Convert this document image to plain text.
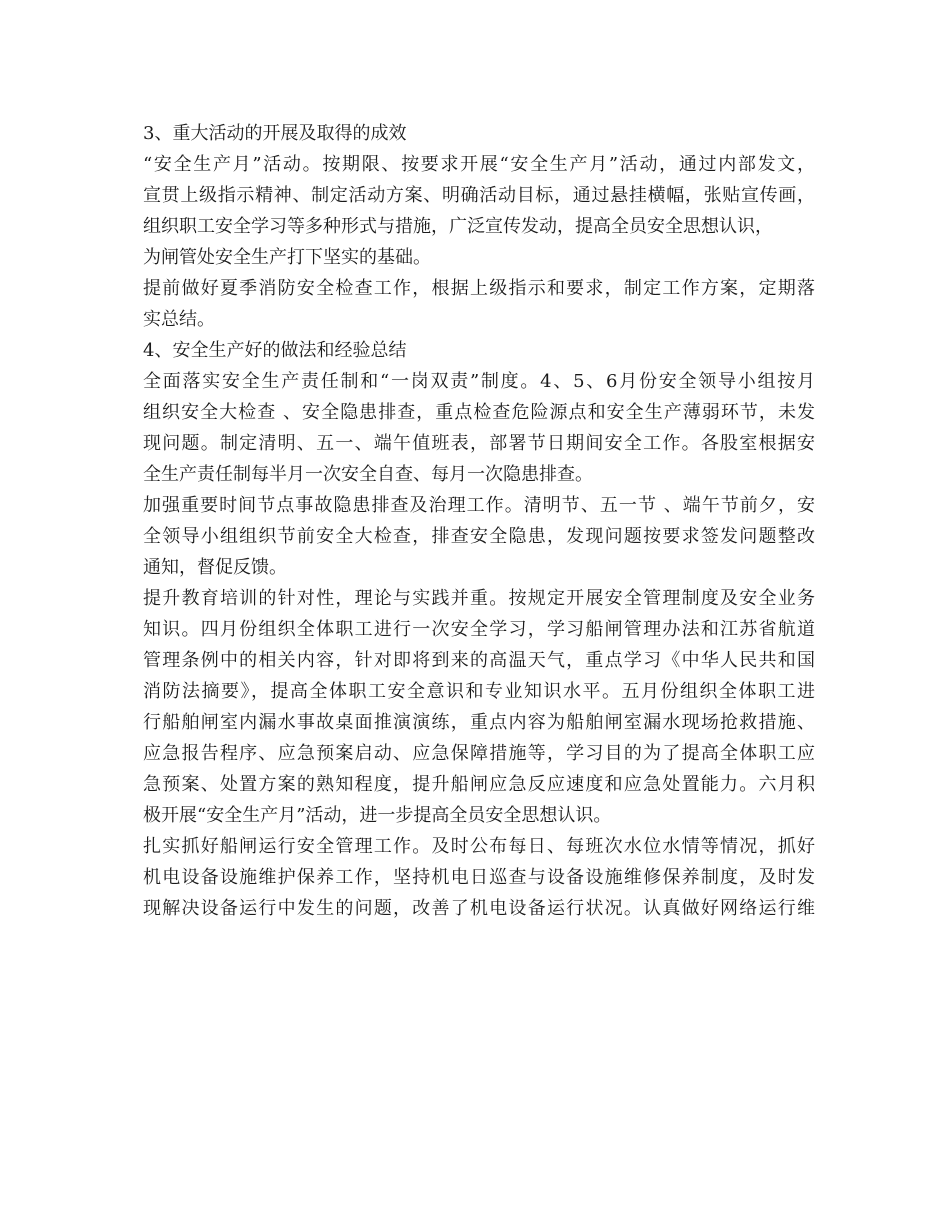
3、重大活动的开展及取得的成效
“安全生产月”活动。按期限、按要求开展“安全生产月”活动，通过内部发文，
宣贯上级指示精神、制定活动方案、明确活动目标，通过悬挂横幅，张贴宣传画，
组织职工安全学习等多种形式与措施，广泛宣传发动，提高全员安全思想认识，
为闸管处安全生产打下坚实的基础。
提前做好夏季消防安全检查工作，根据上级指示和要求，制定工作方案，定期落
实总结。
4、安全生产好的做法和经验总结
全面落实安全生产责任制和“一岗双责”制度。4、5、6月份安全领导小组按月
组织安全大检查 、安全隐患排查，重点检查危险源点和安全生产薄弱环节，未发
现问题。制定清明、五一、端午值班表，部署节日期间安全工作。各股室根据安
全生产责任制每半月一次安全自查、每月一次隐患排查。
加强重要时间节点事故隐患排查及治理工作。清明节、五一节 、端午节前夕，安
全领导小组组织节前安全大检查，排查安全隐患，发现问题按要求签发问题整改
通知，督促反馈。
提升教育培训的针对性，理论与实践并重。按规定开展安全管理制度及安全业务
知识。四月份组织全体职工进行一次安全学习，学习船闸管理办法和江苏省航道
管理条例中的相关内容，针对即将到来的高温天气，重点学习《中华人民共和国
消防法摘要》，提高全体职工安全意识和专业知识水平。五月份组织全体职工进
行船舶闸室内漏水事故桌面推演演练，重点内容为船舶闸室漏水现场抢救措施、
应急报告程序、应急预案启动、应急保障措施等，学习目的为了提高全体职工应
急预案、处置方案的熟知程度，提升船闸应急反应速度和应急处置能力。六月积
极开展“安全生产月”活动，进一步提高全员安全思想认识。
扎实抓好船闸运行安全管理工作。及时公布每日、每班次水位水情等情况，抓好
机电设备设施维护保养工作，坚持机电日巡查与设备设施维修保养制度，及时发
现解决设备运行中发生的问题，改善了机电设备运行状况。认真做好网络运行维
